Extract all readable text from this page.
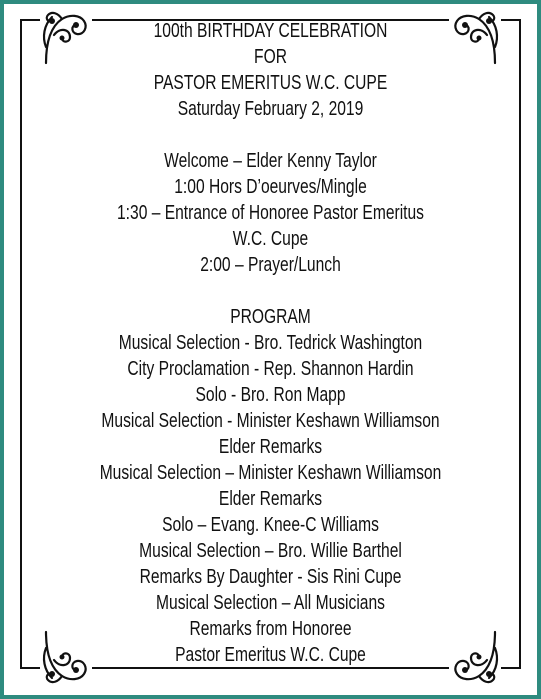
100th BIRTHDAY CELEBRATION
FOR
PASTOR EMERITUS W.C. CUPE
Saturday February 2, 2019
Welcome – Elder Kenny Taylor
1:00 Hors D’oeurves/Mingle
1:30 – Entrance of Honoree Pastor Emeritus
W.C. Cupe
2:00 – Prayer/Lunch
PROGRAM
Musical Selection - Bro. Tedrick Washington
City Proclamation - Rep. Shannon Hardin
Solo - Bro. Ron Mapp
Musical Selection - Minister Keshawn Williamson
Elder Remarks
Musical Selection – Minister Keshawn Williamson
Elder Remarks
Solo – Evang. Knee-C Williams
Musical Selection – Bro. Willie Barthel
Remarks By Daughter - Sis Rini Cupe
Musical Selection – All Musicians
Remarks from Honoree
Pastor Emeritus W.C. Cupe
